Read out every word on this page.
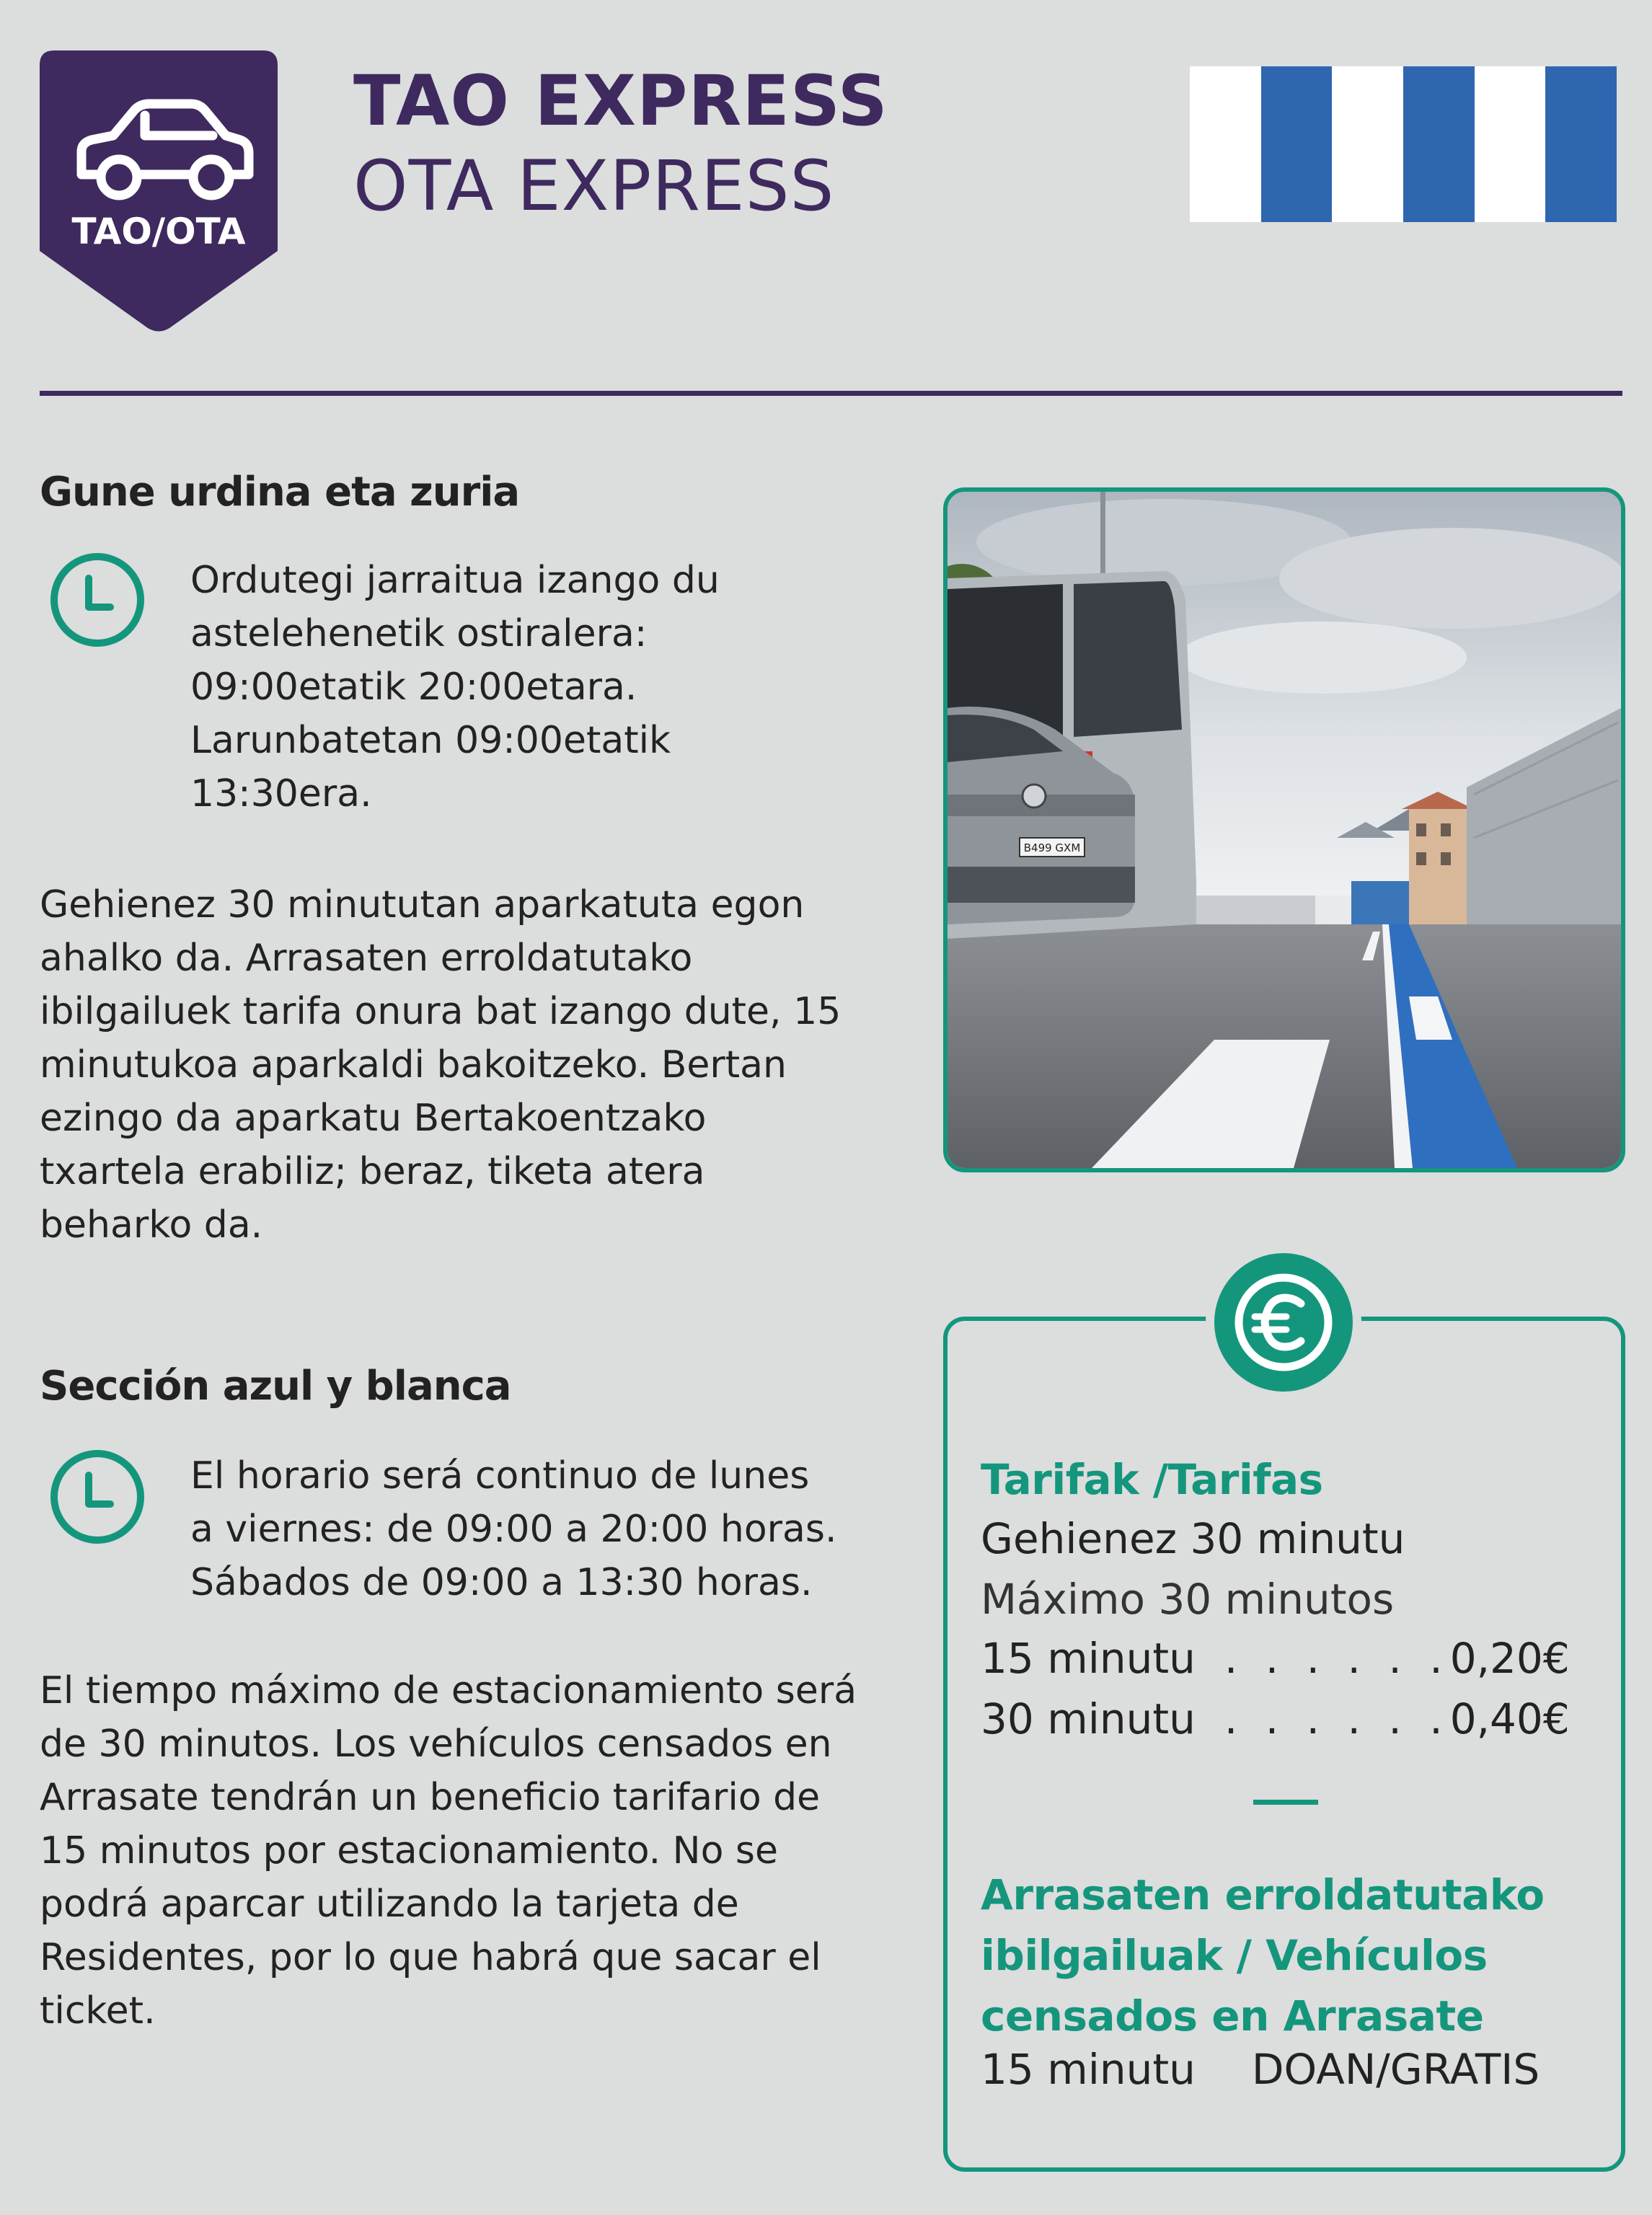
TAO/OTA
TAO EXPRESS
OTA EXPRESS
Gune urdina eta zuria
Ordutegi jarraitua izango du
astelehenetik ostiralera:
09:00etatik 20:00etara.
Larunbatetan 09:00etatik
13:30era.
Gehienez 30 minututan aparkatuta egon
ahalko da. Arrasaten erroldatutako
ibilgailuek tarifa onura bat izango dute, 15
minutukoa aparkaldi bakoitzeko. Bertan
ezingo da aparkatu Bertakoentzako
txartela erabiliz; beraz, tiketa atera
beharko da.
B499 GXM
Sección azul y blanca
El horario será continuo de lunes
a viernes: de 09:00 a 20:00 horas.
Sábados de 09:00 a 13:30 horas.
El tiempo máximo de estacionamiento será
de 30 minutos. Los vehículos censados en
Arrasate tendrán un beneficio tarifario de
15 minutos por estacionamiento. No se
podrá aparcar utilizando la tarjeta de
Residentes, por lo que habrá que sacar el
ticket.
Tarifak /Tarifas
Gehienez 30 minutu
Máximo 30 minutos
15 minutu . . . . . . 0,20€
30 minutu . . . . . . 0,40€
Arrasaten erroldatutako
ibilgailuak / Vehículos
censados en Arrasate
15 minutu DOAN/GRATIS
